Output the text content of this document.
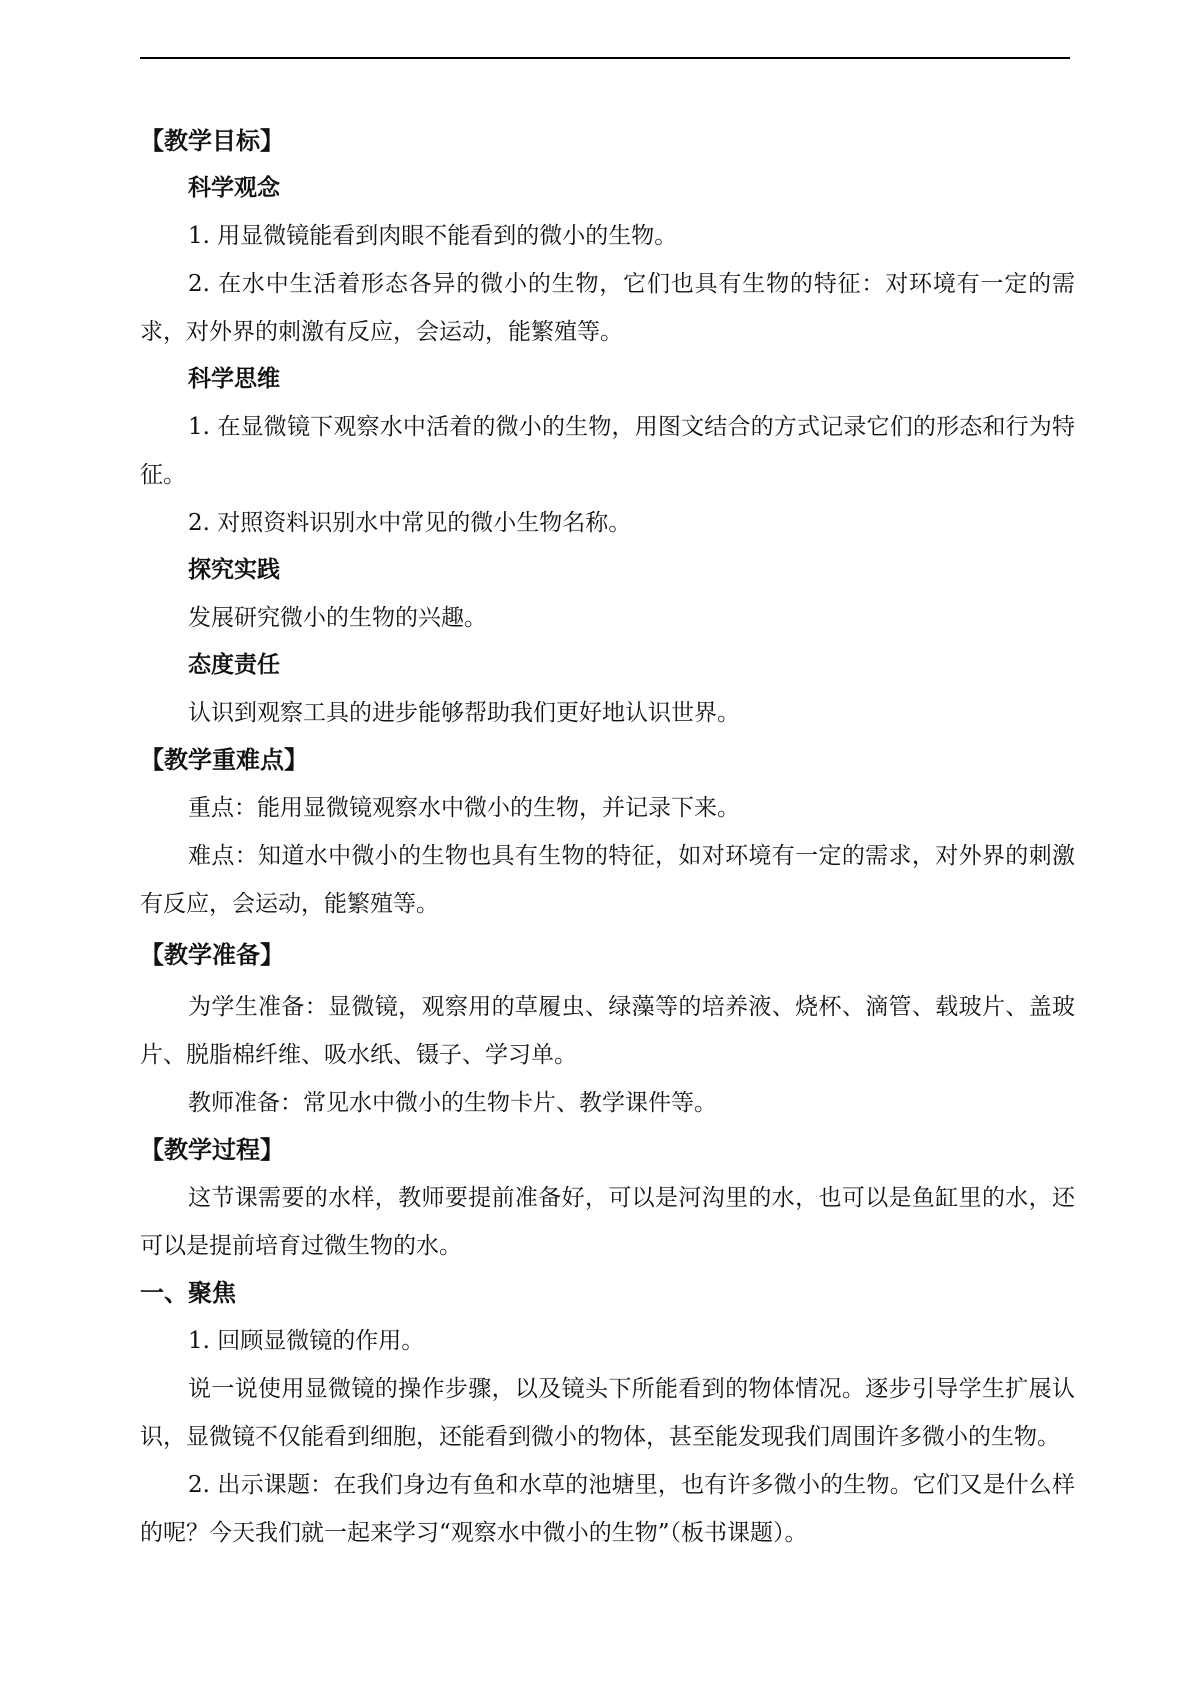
【教学目标】

科学观念

1. 用显微镜能看到肉眼不能看到的微小的生物。

2. 在水中生活着形态各异的微小的生物，它们也具有生物的特征：对环境有一定的需求，对外界的刺激有反应，会运动，能繁殖等。

科学思维

1. 在显微镜下观察水中活着的微小的生物，用图文结合的方式记录它们的形态和行为特征。

2. 对照资料识别水中常见的微小生物名称。

探究实践

发展研究微小的生物的兴趣。

态度责任

认识到观察工具的进步能够帮助我们更好地认识世界。

【教学重难点】

重点：能用显微镜观察水中微小的生物，并记录下来。

难点：知道水中微小的生物也具有生物的特征，如对环境有一定的需求，对外界的刺激有反应，会运动，能繁殖等。

【教学准备】

为学生准备：显微镜，观察用的草履虫、绿藻等的培养液、烧杯、滴管、载玻片、盖玻片、脱脂棉纤维、吸水纸、镊子、学习单。

教师准备：常见水中微小的生物卡片、教学课件等。

【教学过程】

这节课需要的水样，教师要提前准备好，可以是河沟里的水，也可以是鱼缸里的水，还可以是提前培育过微生物的水。

一、聚焦

1. 回顾显微镜的作用。

说一说使用显微镜的操作步骤，以及镜头下所能看到的物体情况。逐步引导学生扩展认识，显微镜不仅能看到细胞，还能看到微小的物体，甚至能发现我们周围许多微小的生物。

2. 出示课题：在我们身边有鱼和水草的池塘里，也有许多微小的生物。它们又是什么样的呢？今天我们就一起来学习“观察水中微小的生物”（板书课题）。
